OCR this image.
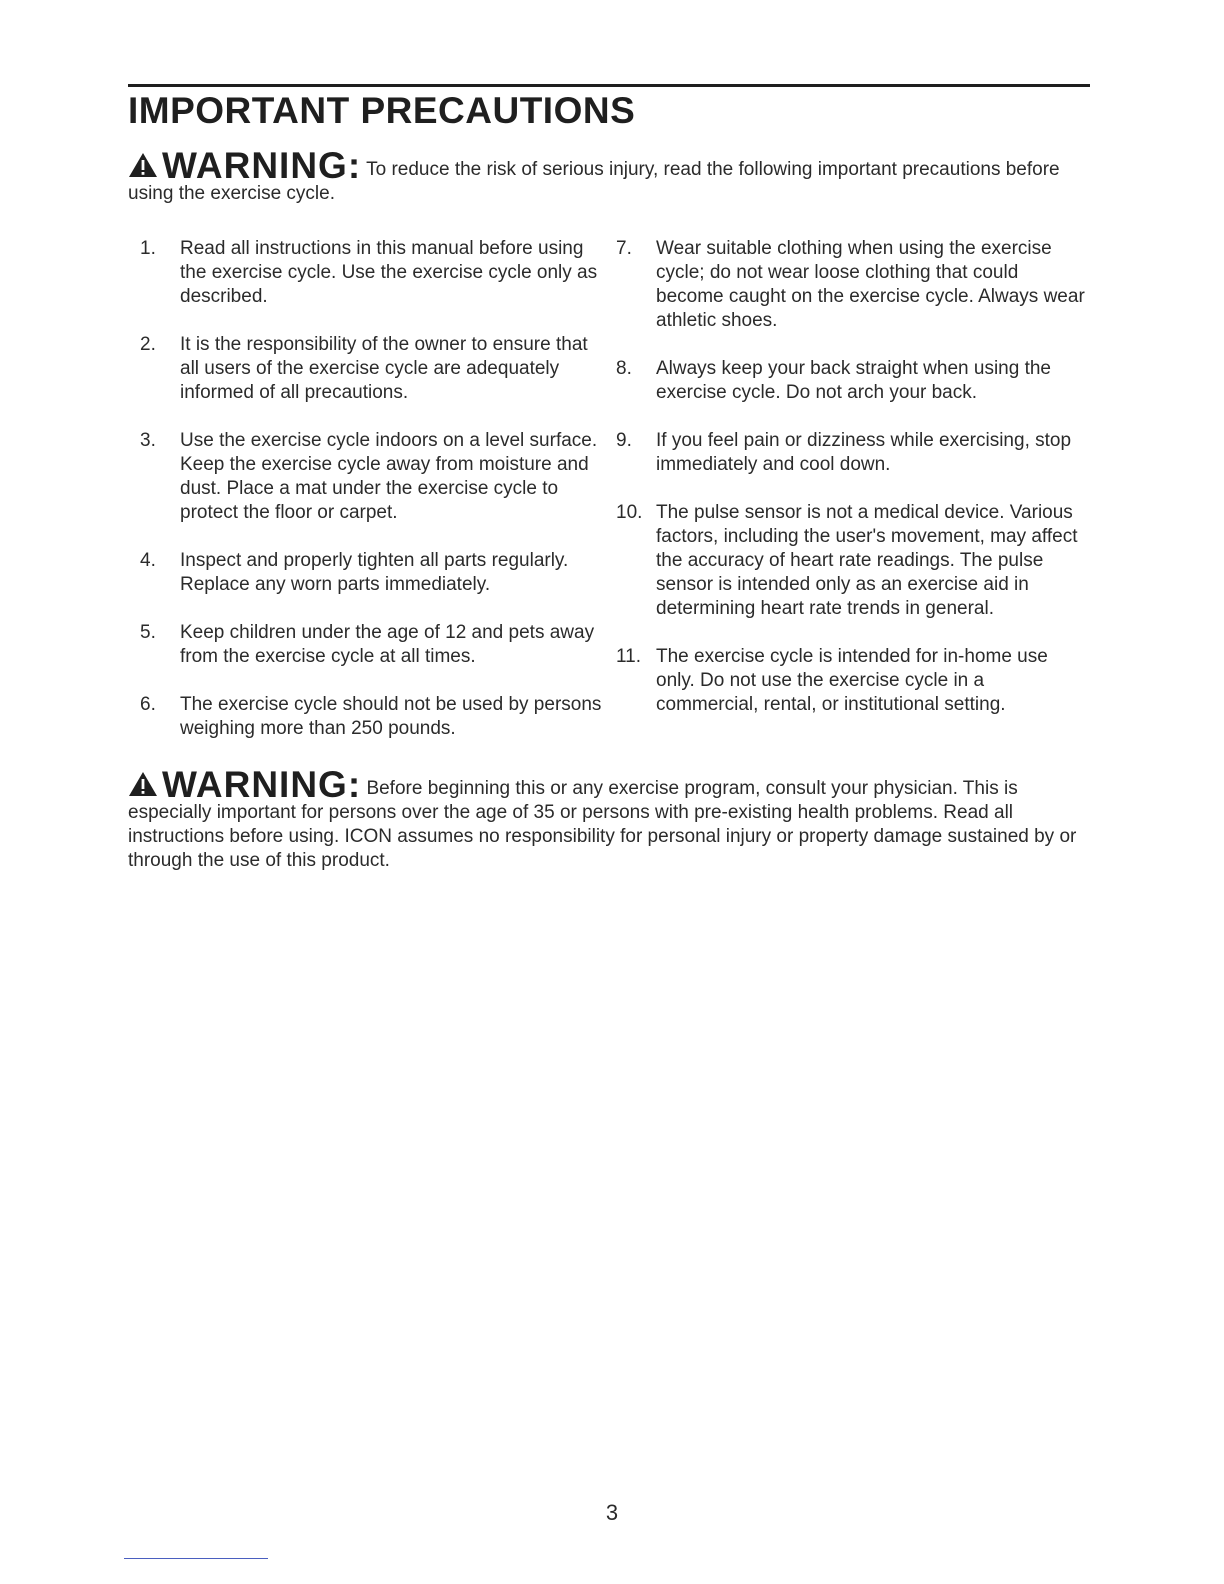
IMPORTANT PRECAUTIONS
WARNING: To reduce the risk of serious injury, read the following important precautions before using the exercise cycle.
1.	Read all instructions in this manual before using the exercise cycle. Use the exercise cycle only as described.
2.	It is the responsibility of the owner to ensure that all users of the exercise cycle are adequately informed of all precautions.
3.	Use the exercise cycle indoors on a level surface. Keep the exercise cycle away from moisture and dust. Place a mat under the exercise cycle to protect the floor or carpet.
4.	Inspect and properly tighten all parts regularly. Replace any worn parts immediately.
5.	Keep children under the age of 12 and pets away from the exercise cycle at all times.
6.	The exercise cycle should not be used by persons weighing more than 250 pounds.
7.	Wear suitable clothing when using the exercise cycle; do not wear loose clothing that could become caught on the exercise cycle. Always wear athletic shoes.
8.	Always keep your back straight when using the exercise cycle. Do not arch your back.
9.	If you feel pain or dizziness while exercising, stop immediately and cool down.
10. The pulse sensor is not a medical device. Various factors, including the user's movement, may affect the accuracy of heart rate readings. The pulse sensor is intended only as an exercise aid in determining heart rate trends in general.
11. The exercise cycle is intended for in-home use only. Do not use the exercise cycle in a commercial, rental, or institutional setting.
WARNING: Before beginning this or any exercise program, consult your physician. This is especially important for persons over the age of 35 or persons with pre-existing health problems. Read all instructions before using. ICON assumes no responsibility for personal injury or property damage sustained by or through the use of this product.
3
